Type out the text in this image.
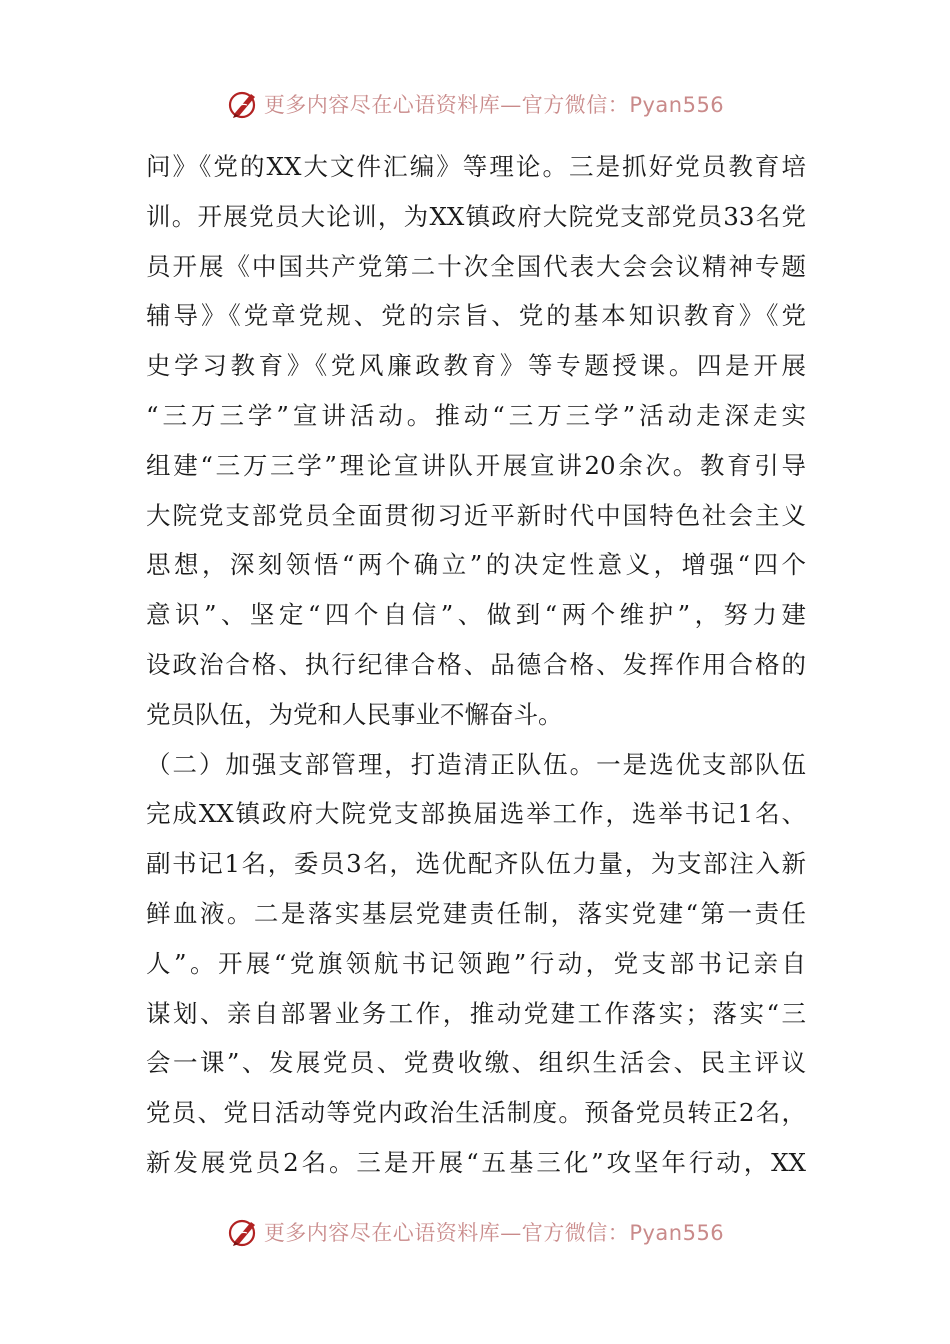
更多内容尽在心语资料库—官方微信：Pyan556
问》《党的XX大文件汇编》等理论。三是抓好党员教育培
训。开展党员大论训，为XX镇政府大院党支部党员33名党
员开展《中国共产党第二十次全国代表大会会议精神专题
辅导》《党章党规、党的宗旨、党的基本知识教育》《党
史学习教育》《党风廉政教育》等专题授课。四是开展
“三万三学”宣讲活动。推动“三万三学”活动走深走实
组建“三万三学”理论宣讲队开展宣讲20余次。教育引导
大院党支部党员全面贯彻习近平新时代中国特色社会主义
思想，深刻领悟“两个确立”的决定性意义，增强“四个
意识”、坚定“四个自信”、做到“两个维护”，努力建
设政治合格、执行纪律合格、品德合格、发挥作用合格的
党员队伍，为党和人民事业不懈奋斗。
（二）加强支部管理，打造清正队伍。一是选优支部队伍
完成XX镇政府大院党支部换届选举工作，选举书记1名、
副书记1名，委员3名，选优配齐队伍力量，为支部注入新
鲜血液。二是落实基层党建责任制，落实党建“第一责任
人”。开展“党旗领航书记领跑”行动，党支部书记亲自
谋划、亲自部署业务工作，推动党建工作落实；落实“三
会一课”、发展党员、党费收缴、组织生活会、民主评议
党员、党日活动等党内政治生活制度。预备党员转正2名，
新发展党员2名。三是开展“五基三化”攻坚年行动，XX
更多内容尽在心语资料库—官方微信：Pyan556
